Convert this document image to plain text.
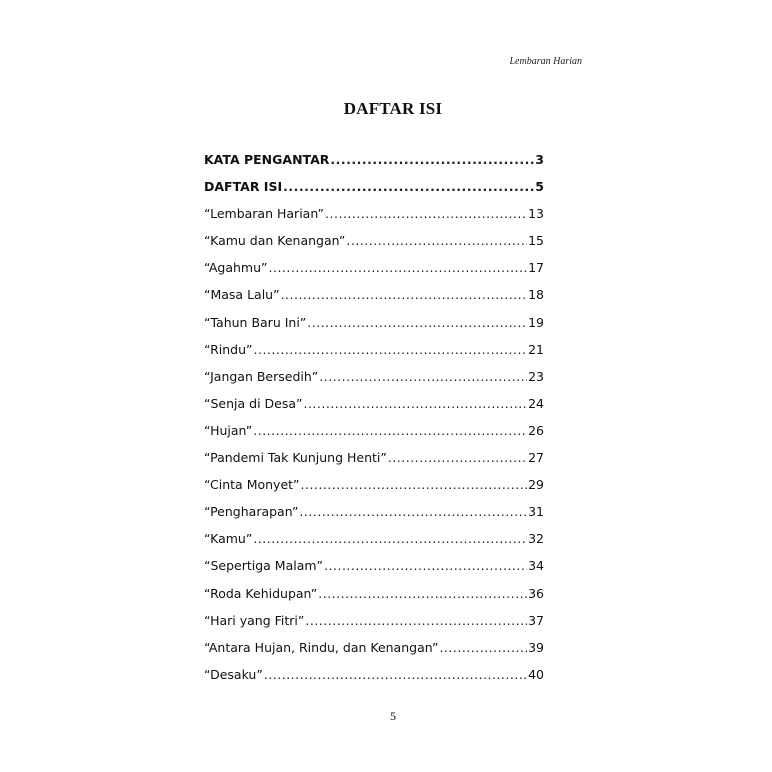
Lembaran Harian
DAFTAR ISI
KATA PENGANTAR .....	3
DAFTAR ISI .....	5
“Lembaran Harian” .....	13
“Kamu dan Kenangan” .....	15
“Agahmu” .....	17
“Masa Lalu” .....	18
“Tahun Baru Ini” .....	19
“Rindu” .....	21
“Jangan Bersedih” .....	23
“Senja di Desa” .....	24
“Hujan” .....	26
“Pandemi Tak Kunjung Henti” .....	27
“Cinta Monyet” .....	29
“Pengharapan” .....	31
“Kamu” .....	32
“Sepertiga Malam” .....	34
“Roda Kehidupan” .....	36
“Hari yang Fitri” .....	37
“Antara Hujan, Rindu, dan Kenangan” .....	39
“Desaku” .....	40
5
